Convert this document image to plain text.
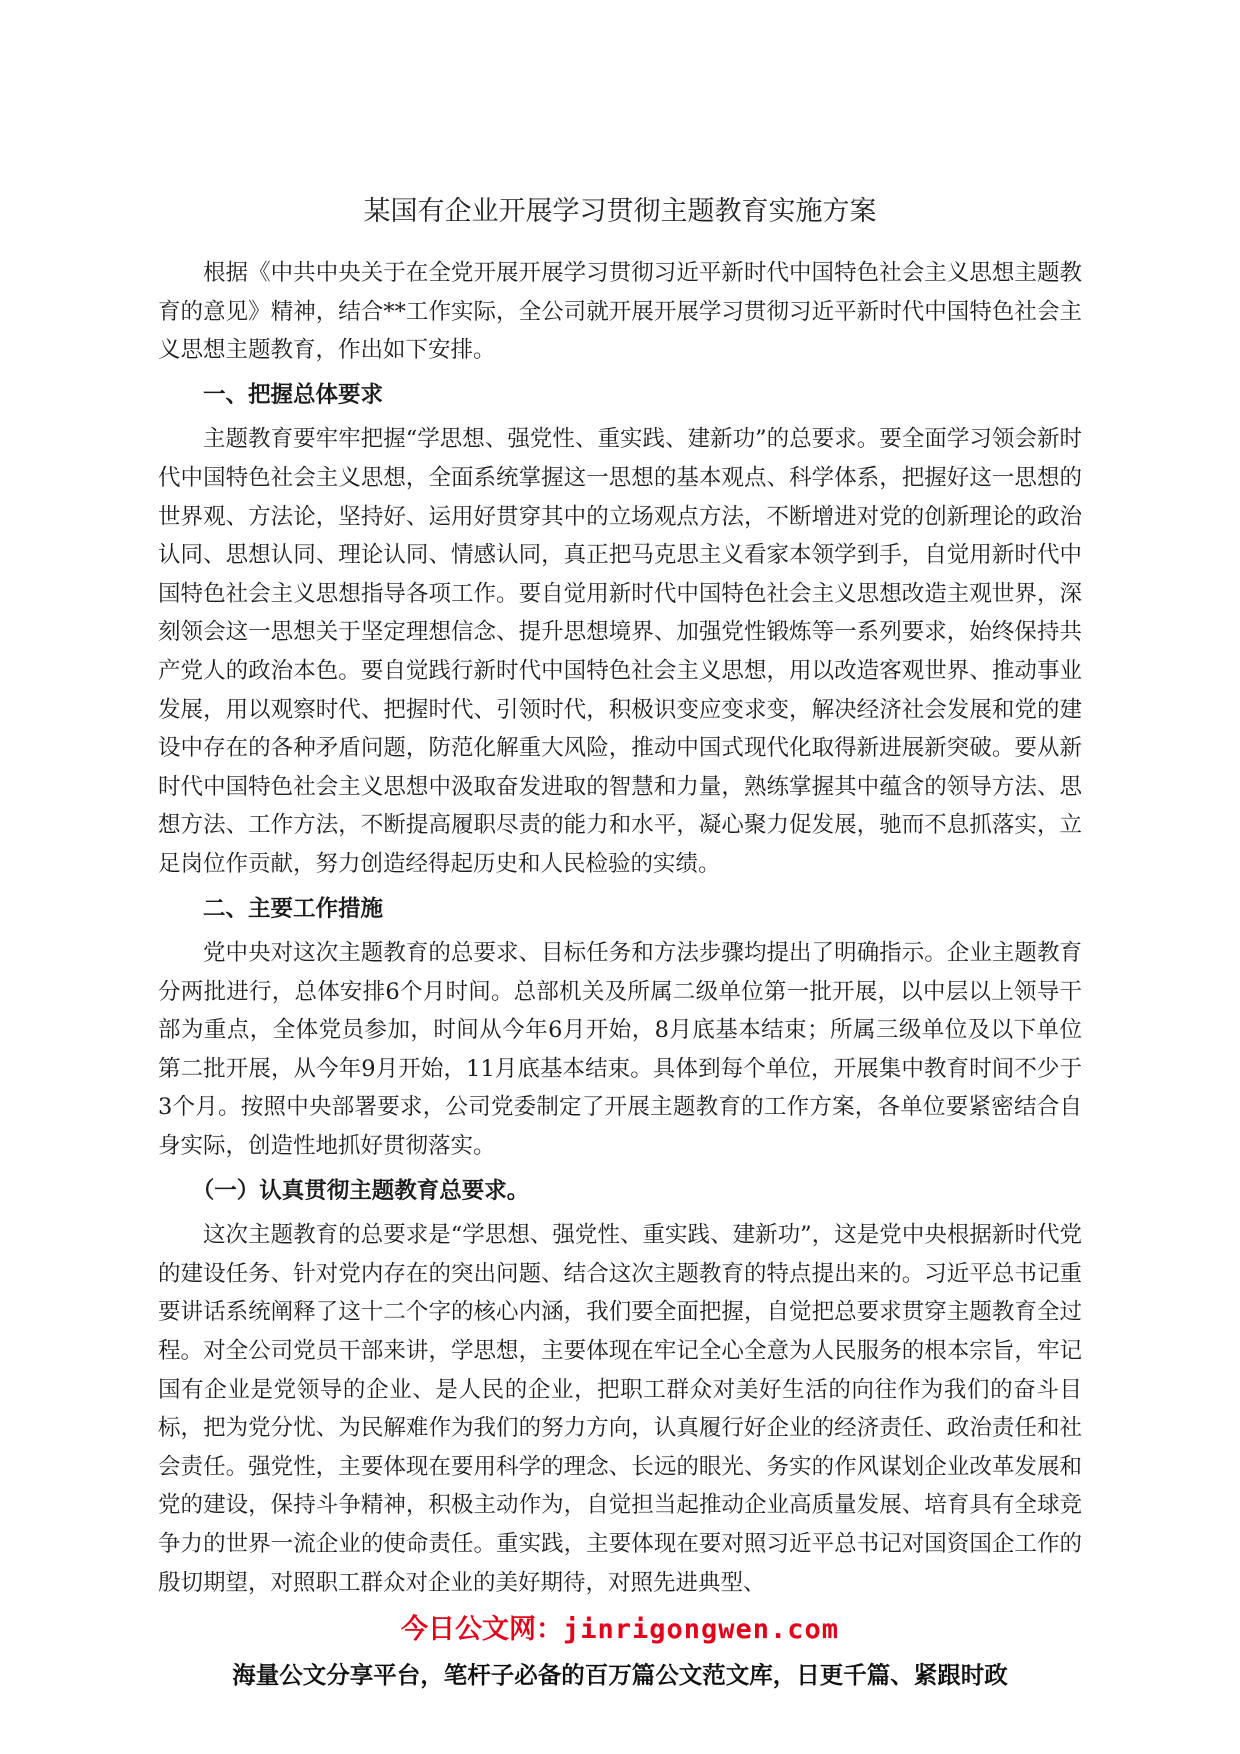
某国有企业开展学习贯彻主题教育实施方案

根据《中共中央关于在全党开展开展学习贯彻习近平新时代中国特色社会主义思想主题教育的意见》精神，结合**工作实际，全公司就开展开展学习贯彻习近平新时代中国特色社会主义思想主题教育，作出如下安排。

一、把握总体要求

主题教育要牢牢把握“学思想、强党性、重实践、建新功”的总要求。要全面学习领会新时代中国特色社会主义思想，全面系统掌握这一思想的基本观点、科学体系，把握好这一思想的世界观、方法论，坚持好、运用好贯穿其中的立场观点方法，不断增进对党的创新理论的政治认同、思想认同、理论认同、情感认同，真正把马克思主义看家本领学到手，自觉用新时代中国特色社会主义思想指导各项工作。要自觉用新时代中国特色社会主义思想改造主观世界，深刻领会这一思想关于坚定理想信念、提升思想境界、加强党性锻炼等一系列要求，始终保持共产党人的政治本色。要自觉践行新时代中国特色社会主义思想，用以改造客观世界、推动事业发展，用以观察时代、把握时代、引领时代，积极识变应变求变，解决经济社会发展和党的建设中存在的各种矛盾问题，防范化解重大风险，推动中国式现代化取得新进展新突破。要从新时代中国特色社会主义思想中汲取奋发进取的智慧和力量，熟练掌握其中蕴含的领导方法、思想方法、工作方法，不断提高履职尽责的能力和水平，凝心聚力促发展，驰而不息抓落实，立足岗位作贡献，努力创造经得起历史和人民检验的实绩。

二、主要工作措施

党中央对这次主题教育的总要求、目标任务和方法步骤均提出了明确指示。企业主题教育分两批进行，总体安排6个月时间。总部机关及所属二级单位第一批开展，以中层以上领导干部为重点，全体党员参加，时间从今年6月开始，8月底基本结束；所属三级单位及以下单位第二批开展，从今年9月开始，11月底基本结束。具体到每个单位，开展集中教育时间不少于3个月。按照中央部署要求，公司党委制定了开展主题教育的工作方案，各单位要紧密结合自身实际，创造性地抓好贯彻落实。

（一）认真贯彻主题教育总要求。

这次主题教育的总要求是“学思想、强党性、重实践、建新功”，这是党中央根据新时代党的建设任务、针对党内存在的突出问题、结合这次主题教育的特点提出来的。习近平总书记重要讲话系统阐释了这十二个字的核心内涵，我们要全面把握，自觉把总要求贯穿主题教育全过程。对全公司党员干部来讲，学思想，主要体现在牢记全心全意为人民服务的根本宗旨，牢记国有企业是党领导的企业、是人民的企业，把职工群众对美好生活的向往作为我们的奋斗目标，把为党分忧、为民解难作为我们的努力方向，认真履行好企业的经济责任、政治责任和社会责任。强党性，主要体现在要用科学的理念、长远的眼光、务实的作风谋划企业改革发展和党的建设，保持斗争精神，积极主动作为，自觉担当起推动企业高质量发展、培育具有全球竞争力的世界一流企业的使命责任。重实践，主要体现在要对照习近平总书记对国资国企工作的殷切期望，对照职工群众对企业的美好期待，对照先进典型、

今日公文网：jinrigongwen.com
海量公文分享平台，笔杆子必备的百万篇公文范文库，日更千篇、紧跟时政
